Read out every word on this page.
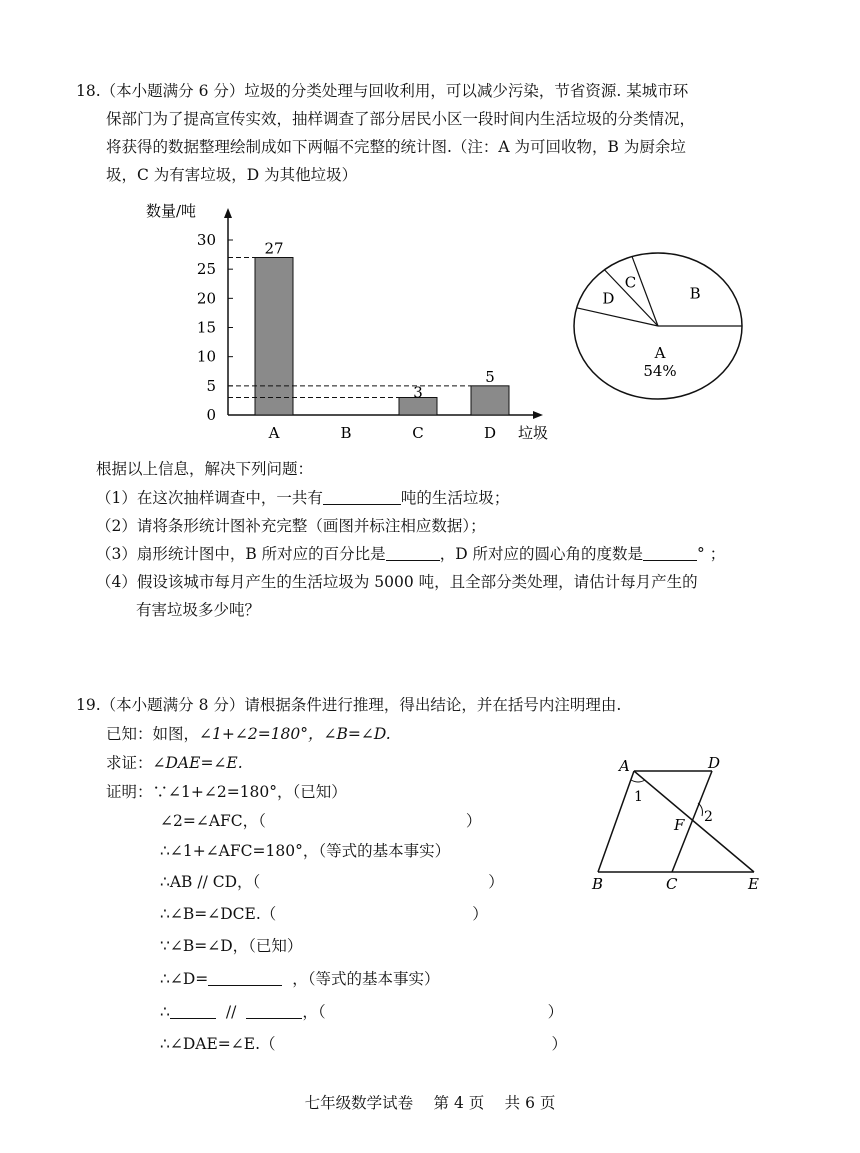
18.（本小题满分 6 分）垃圾的分类处理与回收利用，可以减少污染，节省资源. 某城市环
保部门为了提高宣传实效，抽样调查了部分居民小区一段时间内生活垃圾的分类情况，
将获得的数据整理绘制成如下两幅不完整的统计图.（注：A 为可回收物，B 为厨余垃
圾，C 为有害垃圾，D 为其他垃圾）
数量/吨
垃圾
0
5
10
15
20
25
30	27
A	B
3
C
5
D
B
C
D
A
54%
根据以上信息，解决下列问题：
（1）在这次抽样调查中，一共有	吨的生活垃圾；
（2）请将条形统计图补充完整（画图并标注相应数据）；
（3）扇形统计图中，B 所对应的百分比是	，D 所对应的圆心角的度数是	° ；
（4）假设该城市每月产生的生活垃圾为 5000 吨，且全部分类处理，请估计每月产生的
有害垃圾多少吨？
19.（本小题满分 8 分）请根据条件进行推理，得出结论，并在括号内注明理由.
已知：如图，∠1+∠2=180°，∠B=∠D.
求证：∠DAE=∠E.
证明：∵∠1+∠2=180°，（已知）
∠2=∠AFC，（	）
∴∠1+∠AFC=180°，（等式的基本事实）
∴AB // CD，（	）
∴∠B=∠DCE.（	）
∵∠B=∠D，（已知）
∴∠D=	，（等式的基本事实）
∴	//	，（	）
∴∠DAE=∠E.（	）
A	D
B	C	E
F
1
2
七年级数学试卷　 第 4 页　 共 6 页
